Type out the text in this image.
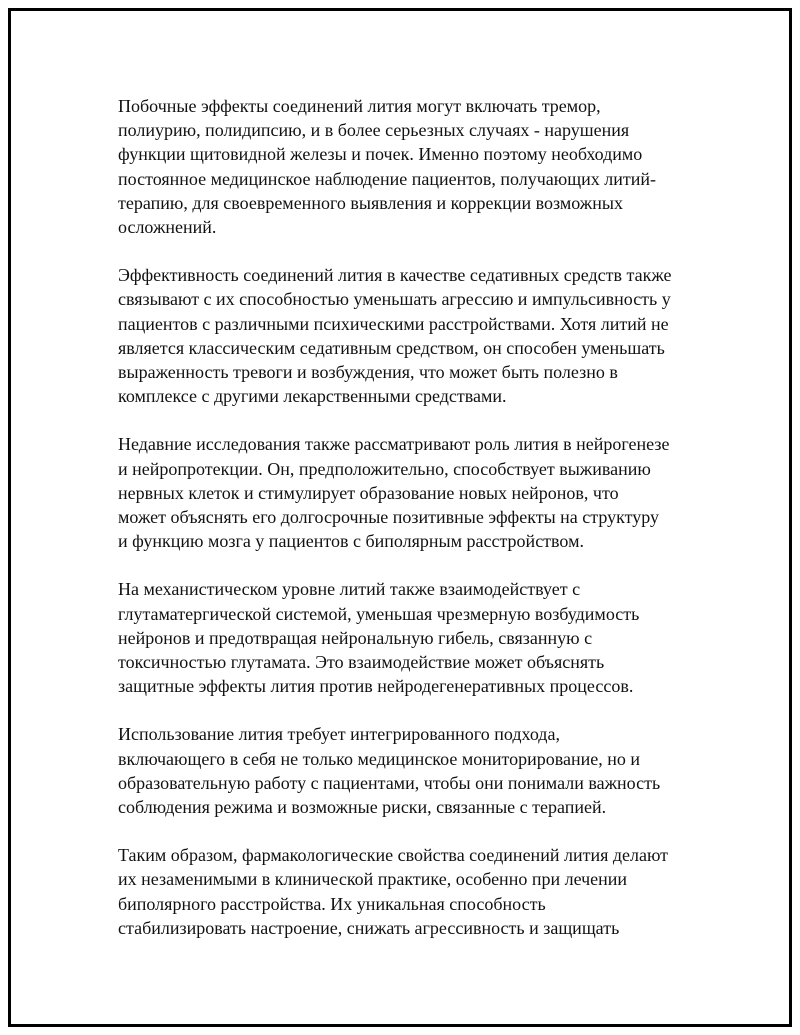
Побочные эффекты соединений лития могут включать тремор,
полиурию, полидипсию, и в более серьезных случаях - нарушения
функции щитовидной железы и почек. Именно поэтому необходимо
постоянное медицинское наблюдение пациентов, получающих литий-
терапию, для своевременного выявления и коррекции возможных
осложнений.

Эффективность соединений лития в качестве седативных средств также
связывают с их способностью уменьшать агрессию и импульсивность у
пациентов с различными психическими расстройствами. Хотя литий не
является классическим седативным средством, он способен уменьшать
выраженность тревоги и возбуждения, что может быть полезно в
комплексе с другими лекарственными средствами.

Недавние исследования также рассматривают роль лития в нейрогенезе
и нейропротекции. Он, предположительно, способствует выживанию
нервных клеток и стимулирует образование новых нейронов, что
может объяснять его долгосрочные позитивные эффекты на структуру
и функцию мозга у пациентов с биполярным расстройством.

На механистическом уровне литий также взаимодействует с
глутаматергической системой, уменьшая чрезмерную возбудимость
нейронов и предотвращая нейрональную гибель, связанную с
токсичностью глутамата. Это взаимодействие может объяснять
защитные эффекты лития против нейродегенеративных процессов.

Использование лития требует интегрированного подхода,
включающего в себя не только медицинское мониторирование, но и
образовательную работу с пациентами, чтобы они понимали важность
соблюдения режима и возможные риски, связанные с терапией.

Таким образом, фармакологические свойства соединений лития делают
их незаменимыми в клинической практике, особенно при лечении
биполярного расстройства. Их уникальная способность
стабилизировать настроение, снижать агрессивность и защищать
